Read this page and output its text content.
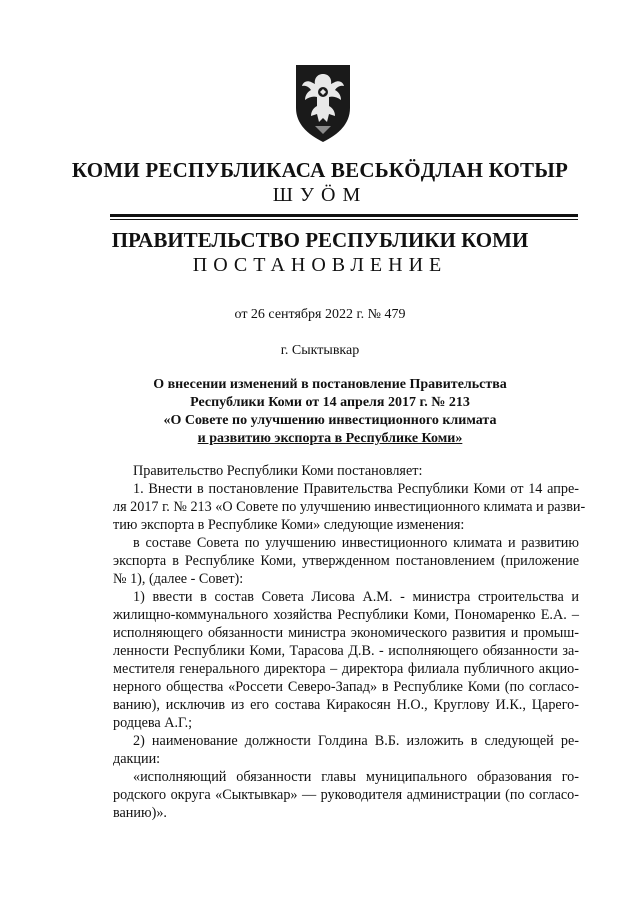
КОМИ РЕСПУБЛИКАСА ВЕСЬКӦДЛАН КОТЫР
ШУӦМ
ПРАВИТЕЛЬСТВО РЕСПУБЛИКИ КОМИ
ПОСТАНОВЛЕНИЕ
от 26 сентября 2022 г. № 479
г. Сыктывкар
О внесении изменений в постановление Правительства
Республики Коми от 14 апреля 2017 г. № 213
«О Совете по улучшению инвестиционного климата
и развитию экспорта в Республике Коми»
Правительство Республики Коми постановляет:
1. Внести в постановление Правительства Республики Коми от 14 апре-
ля 2017 г. № 213 «О Совете по улучшению инвестиционного климата и разви-
тию экспорта в Республике Коми» следующие изменения:
в составе Совета по улучшению инвестиционного климата и развитию
экспорта в Республике Коми, утвержденном постановлением (приложение
№ 1), (далее - Совет):
1) ввести в состав Совета Лисова А.М. - министра строительства и
жилищно-коммунального хозяйства Республики Коми, Пономаренко Е.А. –
исполняющего обязанности министра экономического развития и промыш-
ленности Республики Коми, Тарасова Д.В. - исполняющего обязанности за-
местителя генерального директора – директора филиала публичного акцио-
нерного общества «Россети Северо-Запад» в Республике Коми (по согласо-
ванию), исключив из его состава Киракосян Н.О., Круглову И.К., Царего-
родцева А.Г.;
2) наименование должности Голдина В.Б. изложить в следующей ре-
дакции:
«исполняющий обязанности главы муниципального образования го-
родского округа «Сыктывкар» — руководителя администрации (по согласо-
ванию)».
